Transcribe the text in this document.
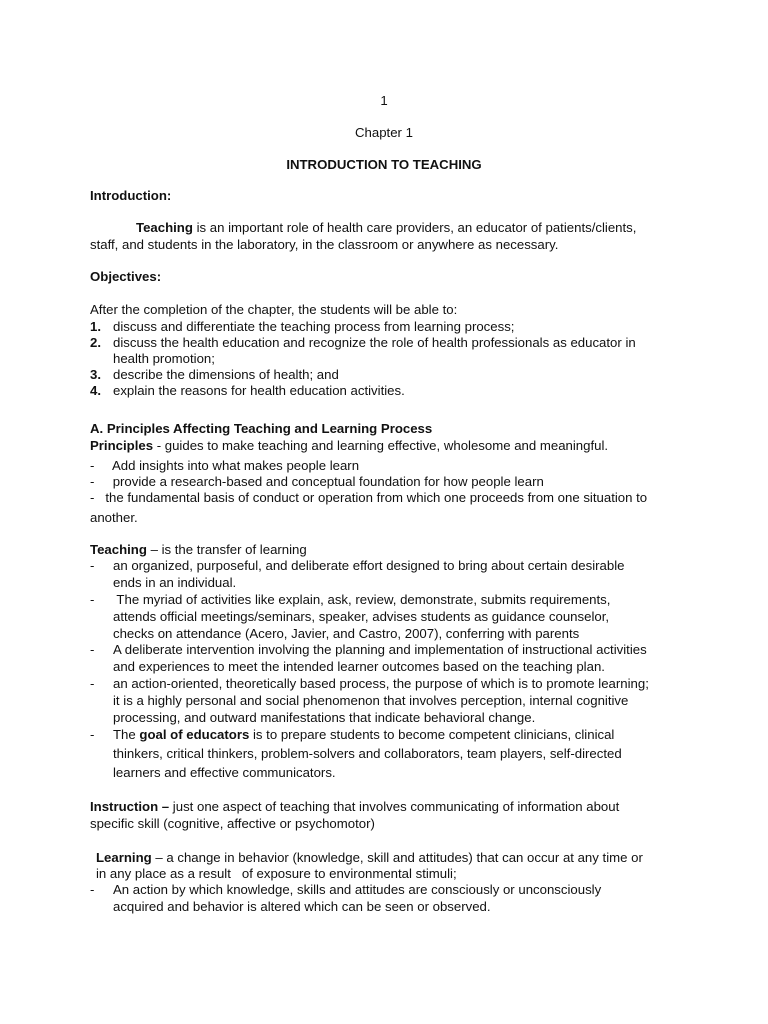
1
Chapter 1
INTRODUCTION TO TEACHING
Introduction:
Teaching is an important role of health care providers, an educator of patients/clients,
staff, and students in the laboratory, in the classroom or anywhere as necessary.
Objectives:
After the completion of the chapter, the students will be able to:
1. discuss and differentiate the teaching process from learning process;
2. discuss the health education and recognize the role of health professionals as educator in
health promotion;
3. describe the dimensions of health; and
4. explain the reasons for health education activities.
A. Principles Affecting Teaching and Learning Process
Principles - guides to make teaching and learning effective, wholesome and meaningful.
-     Add insights into what makes people learn
-     provide a research-based and conceptual foundation for how people learn
-   the fundamental basis of conduct or operation from which one proceeds from one situation to
another.
Teaching – is the transfer of learning
- an organized, purposeful, and deliberate effort designed to bring about certain desirable
ends in an individual.
- The myriad of activities like explain, ask, review, demonstrate, submits requirements,
attends official meetings/seminars, speaker, advises students as guidance counselor,
checks on attendance (Acero, Javier, and Castro, 2007), conferring with parents
- A deliberate intervention involving the planning and implementation of instructional activities
and experiences to meet the intended learner outcomes based on the teaching plan.
- an action-oriented, theoretically based process, the purpose of which is to promote learning;
it is a highly personal and social phenomenon that involves perception, internal cognitive
processing, and outward manifestations that indicate behavioral change.
- The goal of educators is to prepare students to become competent clinicians, clinical
thinkers, critical thinkers, problem-solvers and collaborators, team players, self-directed
learners and effective communicators.
Instruction – just one aspect of teaching that involves communicating of information about
specific skill (cognitive, affective or psychomotor)
Learning – a change in behavior (knowledge, skill and attitudes) that can occur at any time or
in any place as a result   of exposure to environmental stimuli;
- An action by which knowledge, skills and attitudes are consciously or unconsciously
acquired and behavior is altered which can be seen or observed.
